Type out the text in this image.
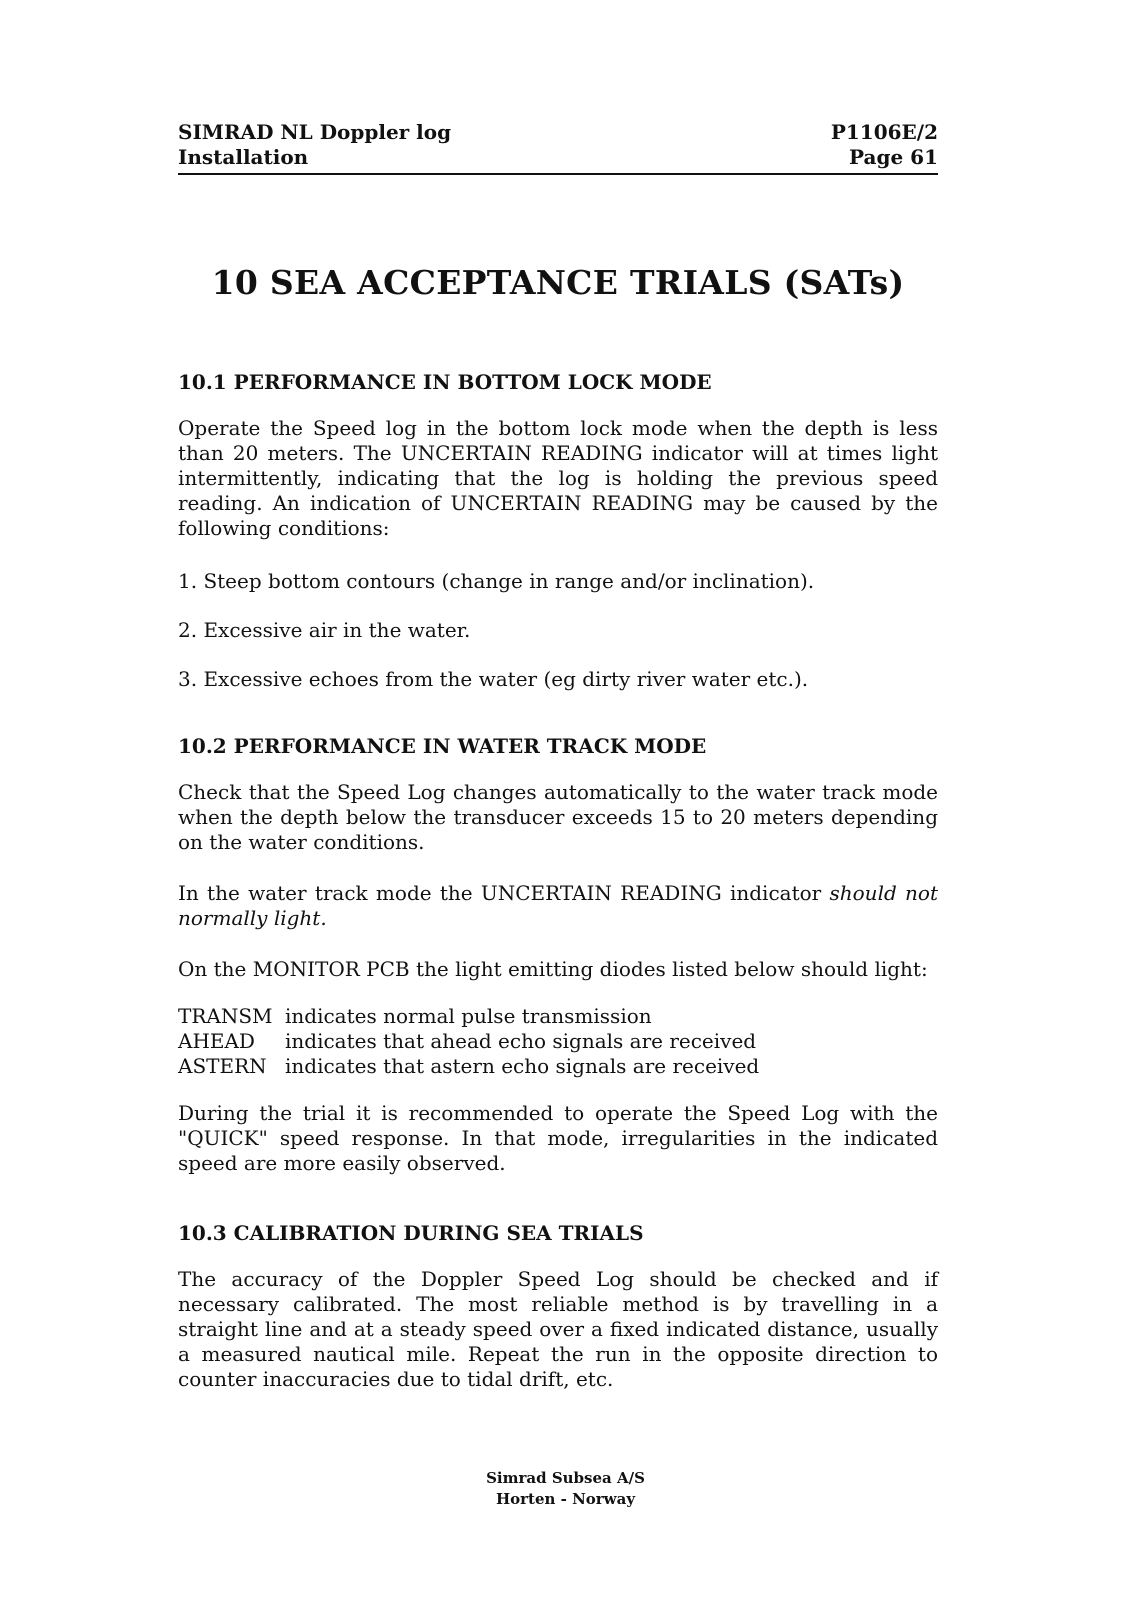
SIMRAD NL Doppler log
Installation
P1106E/2
Page 61
10 SEA ACCEPTANCE TRIALS (SATs)
10.1 PERFORMANCE IN BOTTOM LOCK MODE

Operate the Speed log in the bottom lock mode when the depth is less than 20 meters. The UNCERTAIN READING indicator will at times light intermittently, indicating that the log is holding the previous speed reading. An indication of UNCERTAIN READING may be caused by the following conditions:

1. Steep bottom contours (change in range and/or inclination).
2. Excessive air in the water.
3. Excessive echoes from the water (eg dirty river water etc.).
10.2 PERFORMANCE IN WATER TRACK MODE

Check that the Speed Log changes automatically to the water track mode when the depth below the transducer exceeds 15 to 20 meters depending on the water conditions.

In the water track mode the UNCERTAIN READING indicator should not normally light.

On the MONITOR PCB the light emitting diodes listed below should light:

TRANSM indicates normal pulse transmission
AHEAD	indicates that ahead echo signals are received
ASTERN indicates that astern echo signals are received

During the trial it is recommended to operate the Speed Log with the "QUICK" speed response. In that mode, irregularities in the indicated speed are more easily observed.

10.3 CALIBRATION DURING SEA TRIALS

The accuracy of the Doppler Speed Log should be checked and if necessary calibrated. The most reliable method is by travelling in a straight line and at a steady speed over a fixed indicated distance, usually a measured nautical mile. Repeat the run in the opposite direction to counter inaccuracies due to tidal drift, etc.

Simrad Subsea A/S
Horten - Norway
